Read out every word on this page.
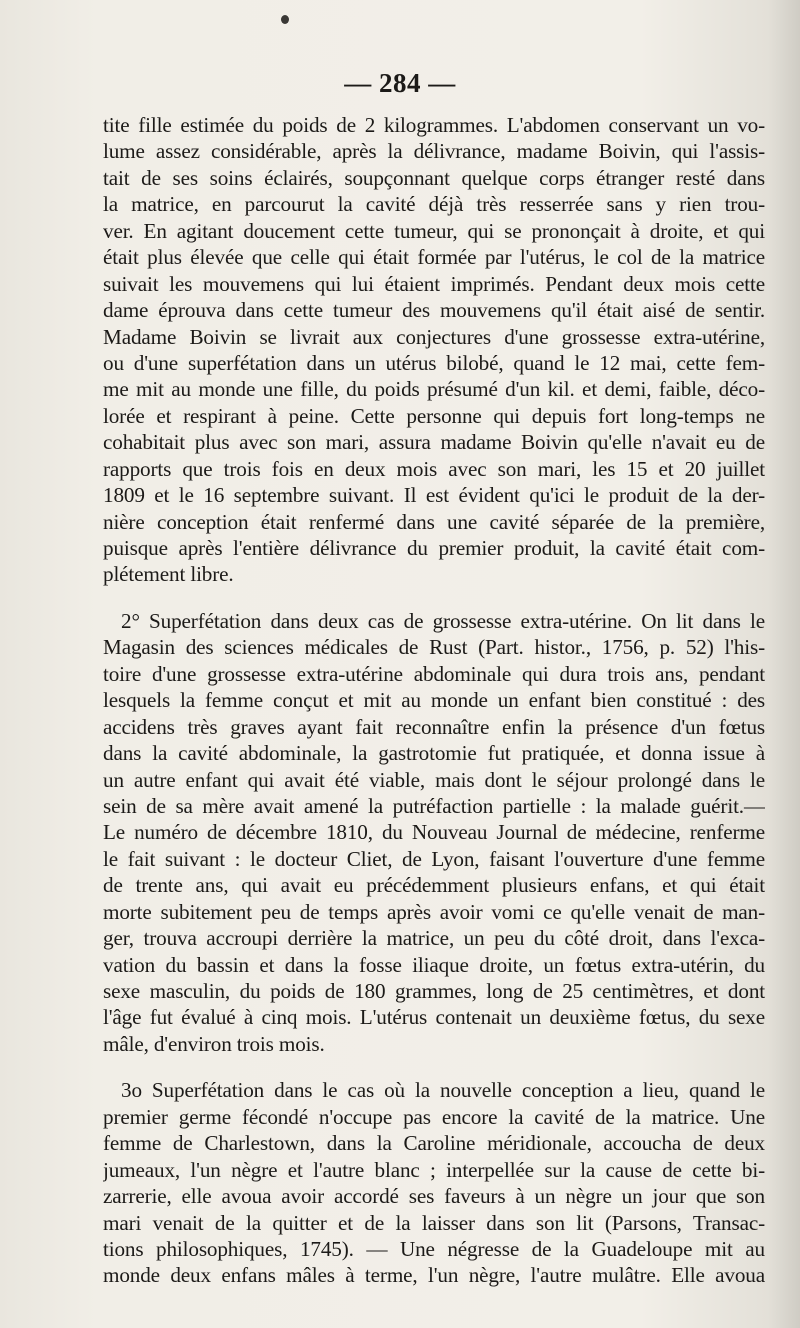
— 284 —
tite fille estimée du poids de 2 kilogrammes. L'abdomen conservant un vo-
lume assez considérable, après la délivrance, madame Boivin, qui l'assis-
tait de ses soins éclairés, soupçonnant quelque corps étranger resté dans
la matrice, en parcourut la cavité déjà très resserrée sans y rien trou-
ver. En agitant doucement cette tumeur, qui se prononçait à droite, et qui
était plus élevée que celle qui était formée par l'utérus, le col de la matrice
suivait les mouvemens qui lui étaient imprimés. Pendant deux mois cette
dame éprouva dans cette tumeur des mouvemens qu'il était aisé de sentir.
Madame Boivin se livrait aux conjectures d'une grossesse extra-utérine,
ou d'une superfétation dans un utérus bilobé, quand le 12 mai, cette fem-
me mit au monde une fille, du poids présumé d'un kil. et demi, faible, déco-
lorée et respirant à peine. Cette personne qui depuis fort long-temps ne
cohabitait plus avec son mari, assura madame Boivin qu'elle n'avait eu de
rapports que trois fois en deux mois avec son mari, les 15 et 20 juillet
1809 et le 16 septembre suivant. Il est évident qu'ici le produit de la der-
nière conception était renfermé dans une cavité séparée de la première,
puisque après l'entière délivrance du premier produit, la cavité était com-
plétement libre.
2° Superfétation dans deux cas de grossesse extra-utérine. On lit dans le
Magasin des sciences médicales de Rust (Part. histor., 1756, p. 52) l'his-
toire d'une grossesse extra-utérine abdominale qui dura trois ans, pendant
lesquels la femme conçut et mit au monde un enfant bien constitué : des
accidens très graves ayant fait reconnaître enfin la présence d'un fœtus
dans la cavité abdominale, la gastrotomie fut pratiquée, et donna issue à
un autre enfant qui avait été viable, mais dont le séjour prolongé dans le
sein de sa mère avait amené la putréfaction partielle : la malade guérit.—
Le numéro de décembre 1810, du Nouveau Journal de médecine, renferme
le fait suivant : le docteur Cliet, de Lyon, faisant l'ouverture d'une femme
de trente ans, qui avait eu précédemment plusieurs enfans, et qui était
morte subitement peu de temps après avoir vomi ce qu'elle venait de man-
ger, trouva accroupi derrière la matrice, un peu du côté droit, dans l'exca-
vation du bassin et dans la fosse iliaque droite, un fœtus extra-utérin, du
sexe masculin, du poids de 180 grammes, long de 25 centimètres, et dont
l'âge fut évalué à cinq mois. L'utérus contenait un deuxième fœtus, du sexe
mâle, d'environ trois mois.
3o Superfétation dans le cas où la nouvelle conception a lieu, quand le
premier germe fécondé n'occupe pas encore la cavité de la matrice. Une
femme de Charlestown, dans la Caroline méridionale, accoucha de deux
jumeaux, l'un nègre et l'autre blanc ; interpellée sur la cause de cette bi-
zarrerie, elle avoua avoir accordé ses faveurs à un nègre un jour que son
mari venait de la quitter et de la laisser dans son lit (Parsons, Transac-
tions philosophiques, 1745). — Une négresse de la Guadeloupe mit au
monde deux enfans mâles à terme, l'un nègre, l'autre mulâtre. Elle avoua
